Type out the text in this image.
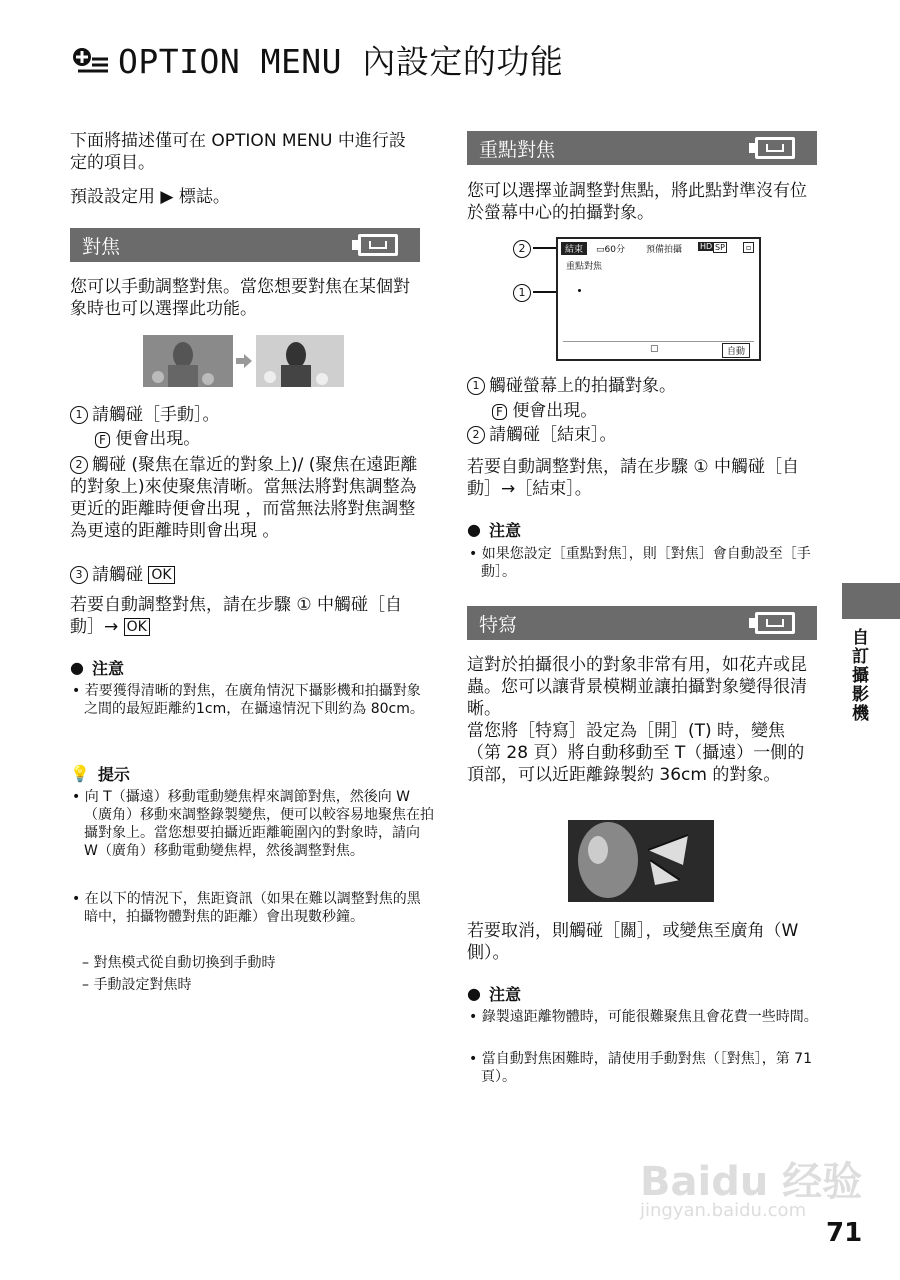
OPTION MENU 內設定的功能
下面將描述僅可在 OPTION MENU 中進行設定的項目。
預設設定用 ▶ 標誌。
對焦
您可以手動調整對焦。當您想要對焦在某個對象時也可以選擇此功能。
1 請觸碰［手動］。
F 便會出現。
2 觸碰 (聚焦在靠近的對象上)/ (聚焦在遠距離的對象上)來使聚焦清晰。當無法將對焦調整為更近的距離時便會出現 ，而當無法將對焦調整為更遠的距離時則會出現 。
3 請觸碰 OK
若要自動調整對焦，請在步驟 ① 中觸碰［自動］→ OK
● 注意
• 若要獲得清晰的對焦，在廣角情況下攝影機和拍攝對象之間的最短距離約1cm，在攝遠情況下則約為 80cm。
💡 提示
• 向 T（攝遠）移動電動變焦桿來調節對焦，然後向 W（廣角）移動來調整錄製變焦，便可以較容易地聚焦在拍攝對象上。當您想要拍攝近距離範圍內的對象時，請向 W（廣角）移動電動變焦桿，然後調整對焦。
• 在以下的情況下，焦距資訊（如果在難以調整對焦的黑暗中，拍攝物體對焦的距離）會出現數秒鐘。
– 對焦模式從自動切換到手動時
– 手動設定對焦時
重點對焦
您可以選擇並調整對焦點，將此點對準沒有位於螢幕中心的拍攝對象。
2
1
結束	▭60分 預備拍攝 HD SP	▫
重點對焦
▢	自動
1 觸碰螢幕上的拍攝對象。
F 便會出現。
2 請觸碰［結束］。
若要自動調整對焦，請在步驟 ① 中觸碰［自動］→［結束］。
● 注意
• 如果您設定［重點對焦］，則［對焦］會自動設至［手動］。
特寫
這對於拍攝很小的對象非常有用，如花卉或昆蟲。您可以讓背景模糊並讓拍攝對象變得很清晰。
當您將［特寫］設定為［開］(T) 時，變焦（第 28 頁）將自動移動至 T（攝遠）一側的頂部，可以近距離錄製約 36cm 的對象。
若要取消，則觸碰［關］，或變焦至廣角（W 側）。
● 注意
• 錄製遠距離物體時，可能很難聚焦且會花費一些時間。
• 當自動對焦困難時，請使用手動對焦（［對焦］，第 71 頁）。
自訂攝影機
Baidu 经验
jingyan.baidu.com
71
